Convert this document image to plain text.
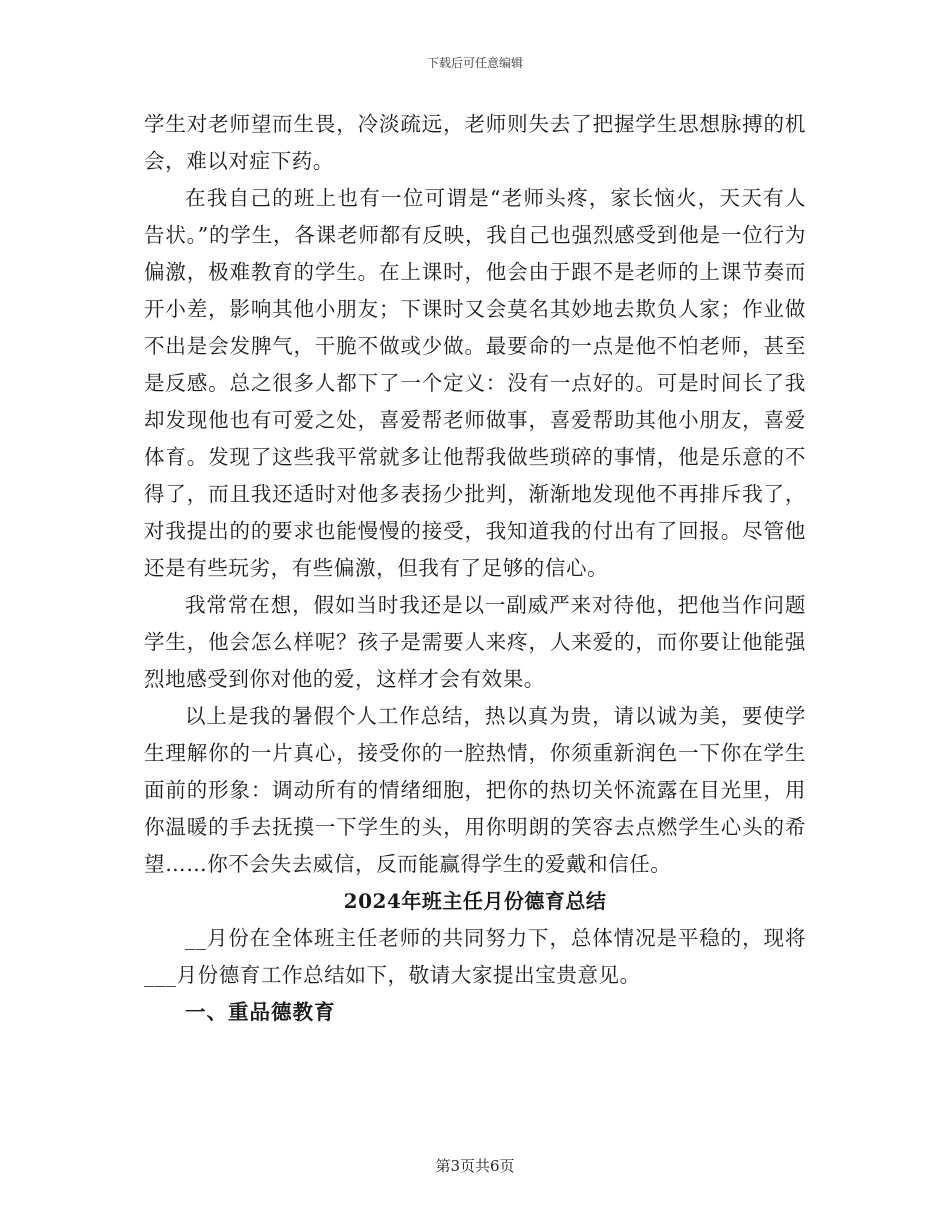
下载后可任意编辑

学生对老师望而生畏，冷淡疏远，老师则失去了把握学生思想脉搏的机会，难以对症下药。

在我自己的班上也有一位可谓是“老师头疼，家长恼火，天天有人告状。”的学生，各课老师都有反映，我自己也强烈感受到他是一位行为偏激，极难教育的学生。在上课时，他会由于跟不是老师的上课节奏而开小差，影响其他小朋友；下课时又会莫名其妙地去欺负人家；作业做不出是会发脾气，干脆不做或少做。最要命的一点是他不怕老师，甚至是反感。总之很多人都下了一个定义：没有一点好的。可是时间长了我却发现他也有可爱之处，喜爱帮老师做事，喜爱帮助其他小朋友，喜爱体育。发现了这些我平常就多让他帮我做些琐碎的事情，他是乐意的不得了，而且我还适时对他多表扬少批判，渐渐地发现他不再排斥我了，对我提出的的要求也能慢慢的接受，我知道我的付出有了回报。尽管他还是有些玩劣，有些偏激，但我有了足够的信心。

我常常在想，假如当时我还是以一副威严来对待他，把他当作问题学生，他会怎么样呢？孩子是需要人来疼，人来爱的，而你要让他能强烈地感受到你对他的爱，这样才会有效果。

以上是我的暑假个人工作总结，热以真为贵，请以诚为美，要使学生理解你的一片真心，接受你的一腔热情，你须重新润色一下你在学生面前的形象：调动所有的情绪细胞，把你的热切关怀流露在目光里，用你温暖的手去抚摸一下学生的头，用你明朗的笑容去点燃学生心头的希望……你不会失去威信，反而能赢得学生的爱戴和信任。

2024年班主任月份德育总结

__月份在全体班主任老师的共同努力下，总体情况是平稳的，现将___月份德育工作总结如下，敬请大家提出宝贵意见。

一、重品德教育
第3页共6页
